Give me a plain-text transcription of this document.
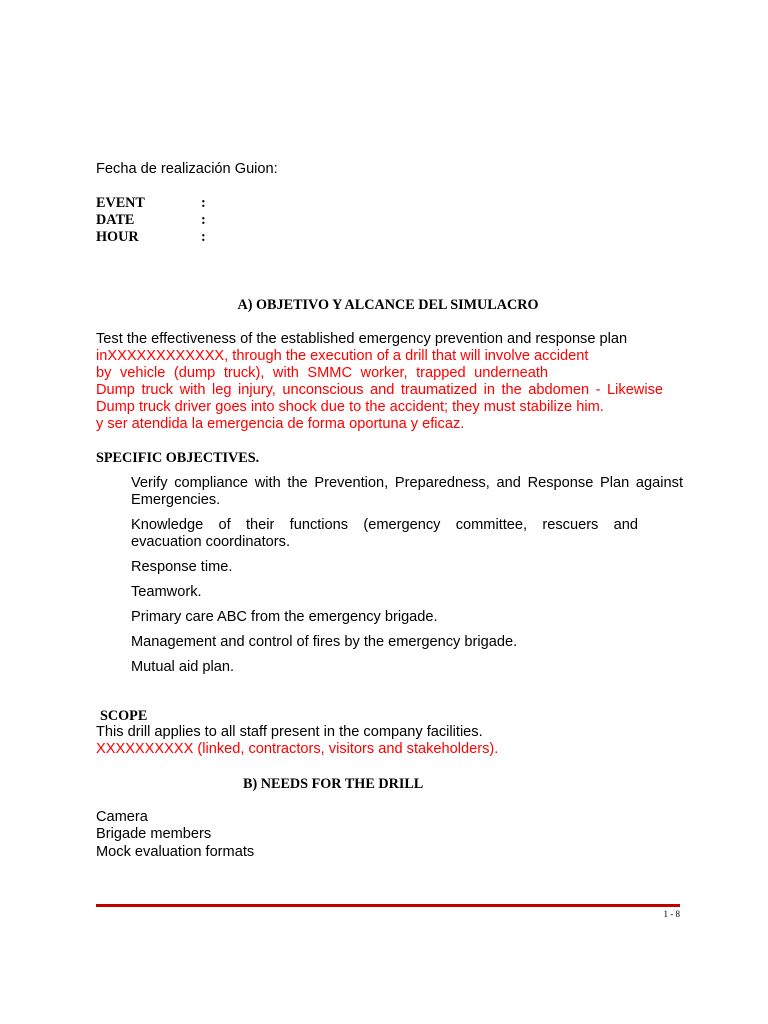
Fecha de realización Guion:
EVENT	:
DATE	:
HOUR	:
A) OBJETIVO Y ALCANCE DEL SIMULACRO
Test the effectiveness of the established emergency prevention and response plan
inXXXXXXXXXXXX, through the execution of a drill that will involve accident
by vehicle (dump truck), with SMMC worker, trapped underneath
Dump truck with leg injury, unconscious and traumatized in the abdomen - Likewise
Dump truck driver goes into shock due to the accident; they must stabilize him.
y ser atendida la emergencia de forma oportuna y eficaz.
SPECIFIC OBJECTIVES.
Verify compliance with the Prevention, Preparedness, and Response Plan against
Emergencies.
Knowledge of their functions (emergency committee, rescuers and
evacuation coordinators.
Response time.
Teamwork.
Primary care ABC from the emergency brigade.
Management and control of fires by the emergency brigade.
Mutual aid plan.
SCOPE
This drill applies to all staff present in the company facilities.
XXXXXXXXXX (linked, contractors, visitors and stakeholders).
B) NEEDS FOR THE DRILL
Camera
Brigade members
Mock evaluation formats
1 - 8
